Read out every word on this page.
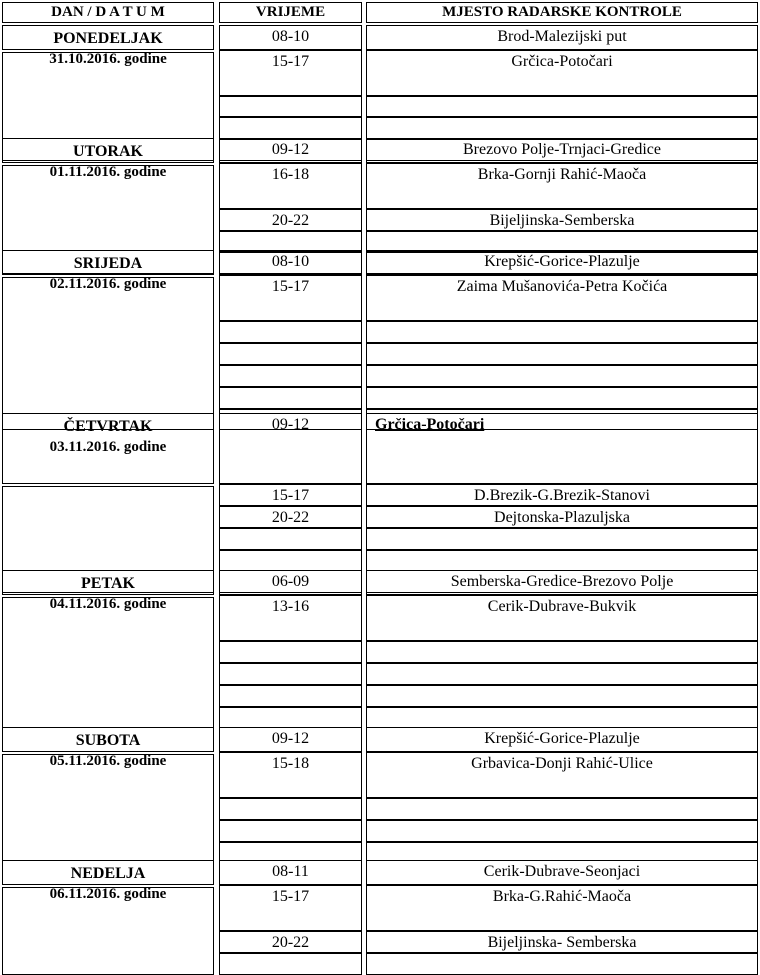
DAN / D A T U M	VRIJEME	MJESTO RADARSKE KONTROLE
PONEDELJAK
31.10.2016. godine
08-10	Brod-Malezijski put
15-17	Grčica-Potočari
UTORAK
01.11.2016. godine
09-12	Brezovo Polje-Trnjaci-Gredice
16-18	Brka-Gornji Rahić-Maoča
20-22	Bijeljinska-Semberska
SRIJEDA
02.11.2016. godine
08-10	Krepšić-Gorice-Plazulje
15-17	Zaima Mušanovića-Petra Kočića
ČETVRTAK
03.11.2016. godine
09-12	Grčica-Potočari
15-17	D.Brezik-G.Brezik-Stanovi
20-22	Dejtonska-Plazuljska
PETAK
04.11.2016. godine
06-09	Semberska-Gredice-Brezovo Polje
13-16	Cerik-Dubrave-Bukvik
SUBOTA
05.11.2016. godine
09-12	Krepšić-Gorice-Plazulje
15-18	Grbavica-Donji Rahić-Ulice
NEDELJA
06.11.2016. godine
08-11	Cerik-Dubrave-Seonjaci
15-17	Brka-G.Rahić-Maoča
20-22	Bijeljinska- Semberska
